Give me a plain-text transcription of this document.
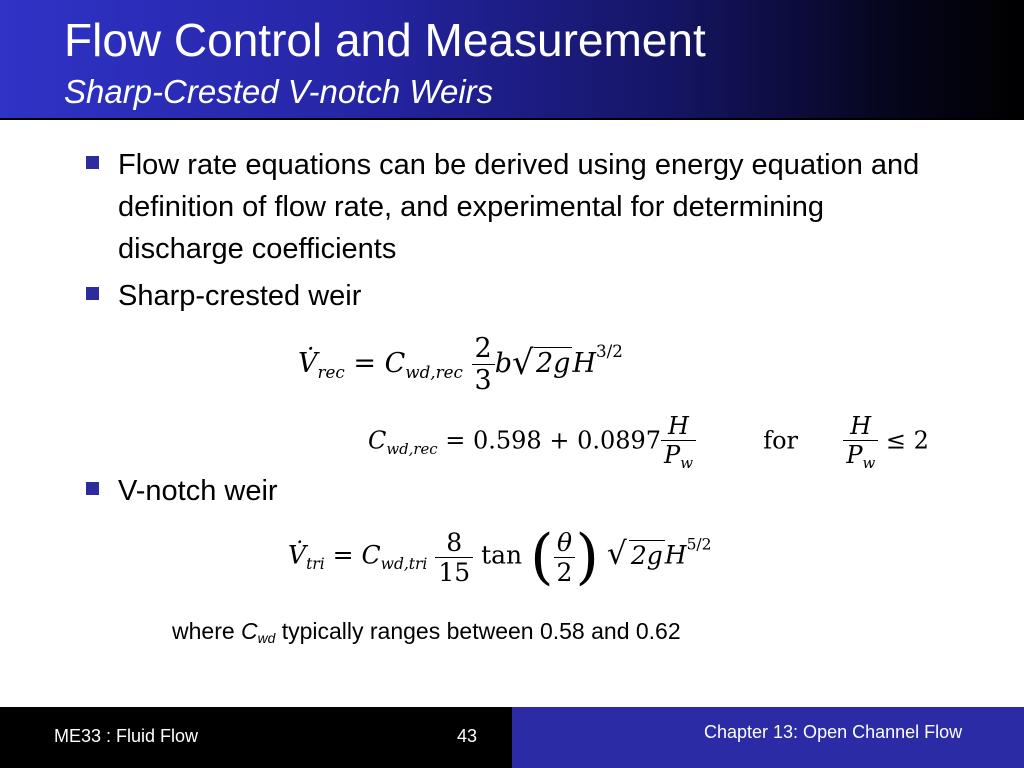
Flow Control and Measurement
Sharp-Crested V-notch Weirs
Flow rate equations can be derived using energy equation and definition of flow rate, and experimental for determining discharge coefficients
Sharp-crested weir
V-notch weir
$V̇_{rec} = C_{wd,rec} \frac{2}{3}$ b √ $2gH^{3/2}$
$C_{wd,rec} = 0.598 + 0.0897 \frac{H}{P_w}$	for $\frac{H}{P_w} \le 2$
$V̇_{tri} = C_{wd,tri} \frac{8}{15}$ tan ( $\frac{\theta}{2}$ ) √ $2gH^{5/2}$
where $C_{wd}$ typically ranges between 0.58 and 0.62
ME33 : Fluid Flow	43	Chapter 13: Open Channel Flow
